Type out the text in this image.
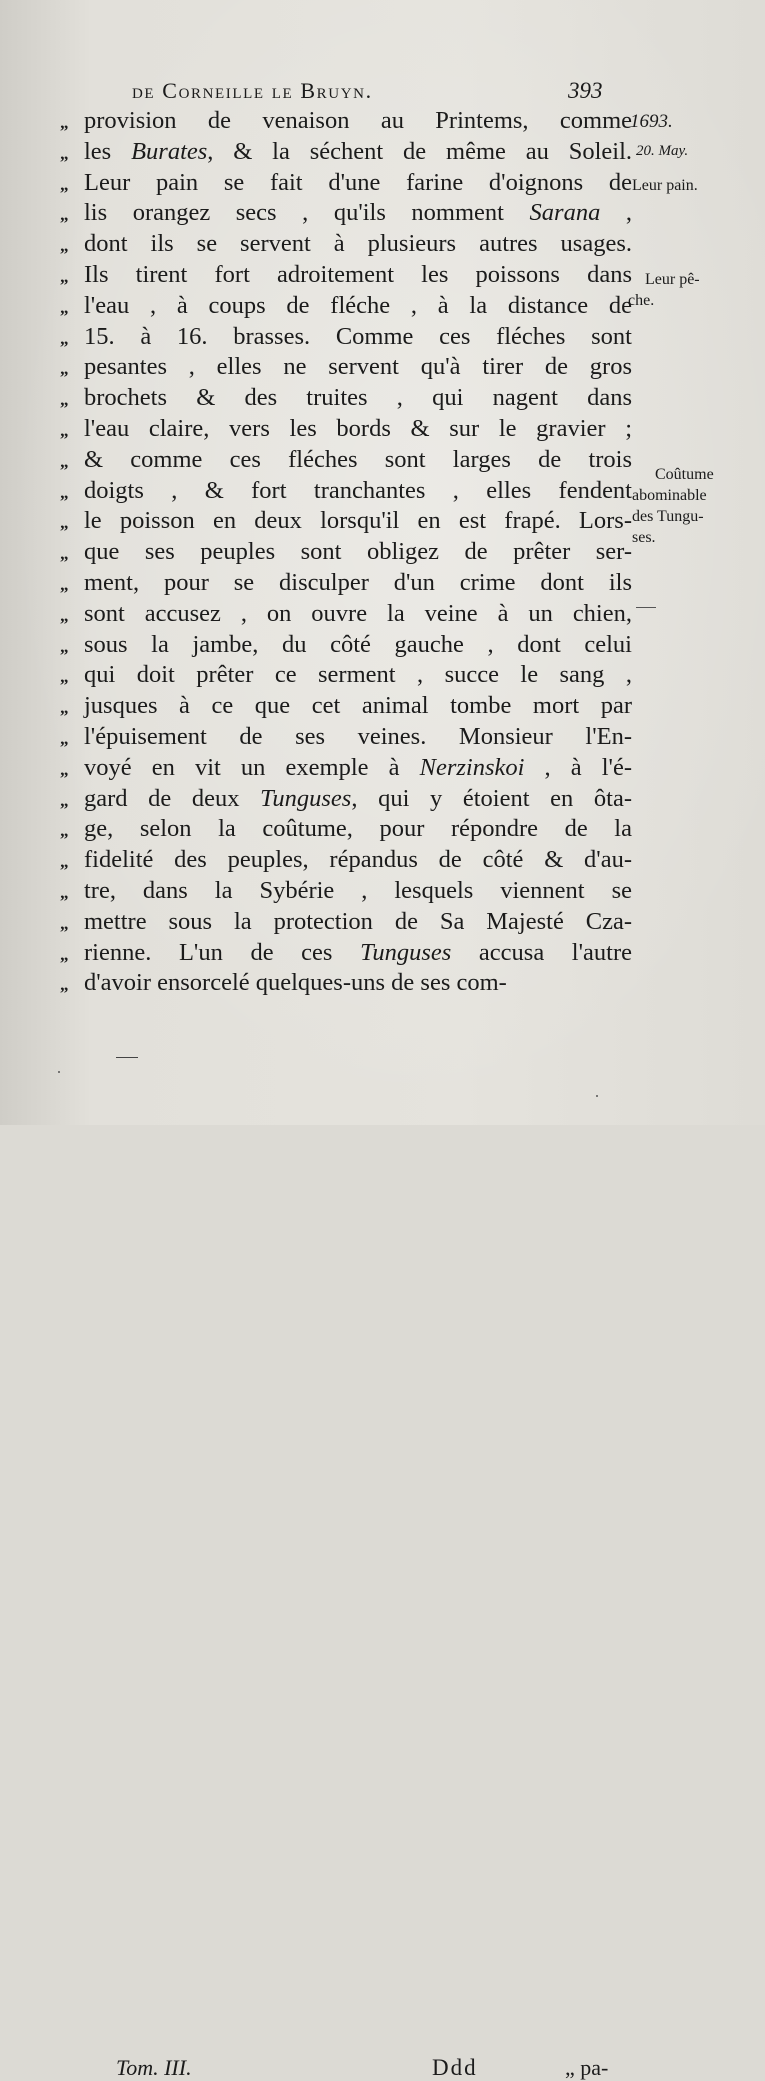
de Corneille le Bruyn.	393
„ provision de venaison au Printems, comme
„ les Burates, & la séchent de même au Soleil.
„ Leur pain se fait d'une farine d'oignons de
„ lis orangez secs , qu'ils nomment Sarana ,
„ dont ils se servent à plusieurs autres usages.
„ Ils tirent fort adroitement les poissons dans
„ l'eau , à coups de fléche , à la distance de
„ 15. à 16. brasses. Comme ces fléches sont
„ pesantes , elles ne servent qu'à tirer de gros
„ brochets & des truites , qui nagent dans
„ l'eau claire, vers les bords & sur le gravier ;
„ & comme ces fléches sont larges de trois
„ doigts , & fort tranchantes , elles fendent
„ le poisson en deux lorsqu'il en est frapé. Lors-
„ que ses peuples sont obligez de prêter ser-
„ ment, pour se disculper d'un crime dont ils
„ sont accusez , on ouvre la veine à un chien,
„ sous la jambe, du côté gauche , dont celui
„ qui doit prêter ce serment , succe le sang ,
„ jusques à ce que cet animal tombe mort par
„ l'épuisement de ses veines. Monsieur l'En-
„ voyé en vit un exemple à Nerzinskoi , à l'é-
„ gard de deux Tunguses, qui y étoient en ôta-
„ ge, selon la coûtume, pour répondre de la
„ fidelité des peuples, répandus de côté & d'au-
„ tre, dans la Sybérie , lesquels viennent se
„ mettre sous la protection de Sa Majesté Cza-
„ rienne. L'un de ces Tunguses accusa l'autre
„ d'avoir ensorcelé quelques-uns de ses com-
1693.
20. May.
Leur pain.
Leur pê-
che.
Coûtume
abominable
des Tungu-
ses.
Tom. III.	Ddd	„ pa-
